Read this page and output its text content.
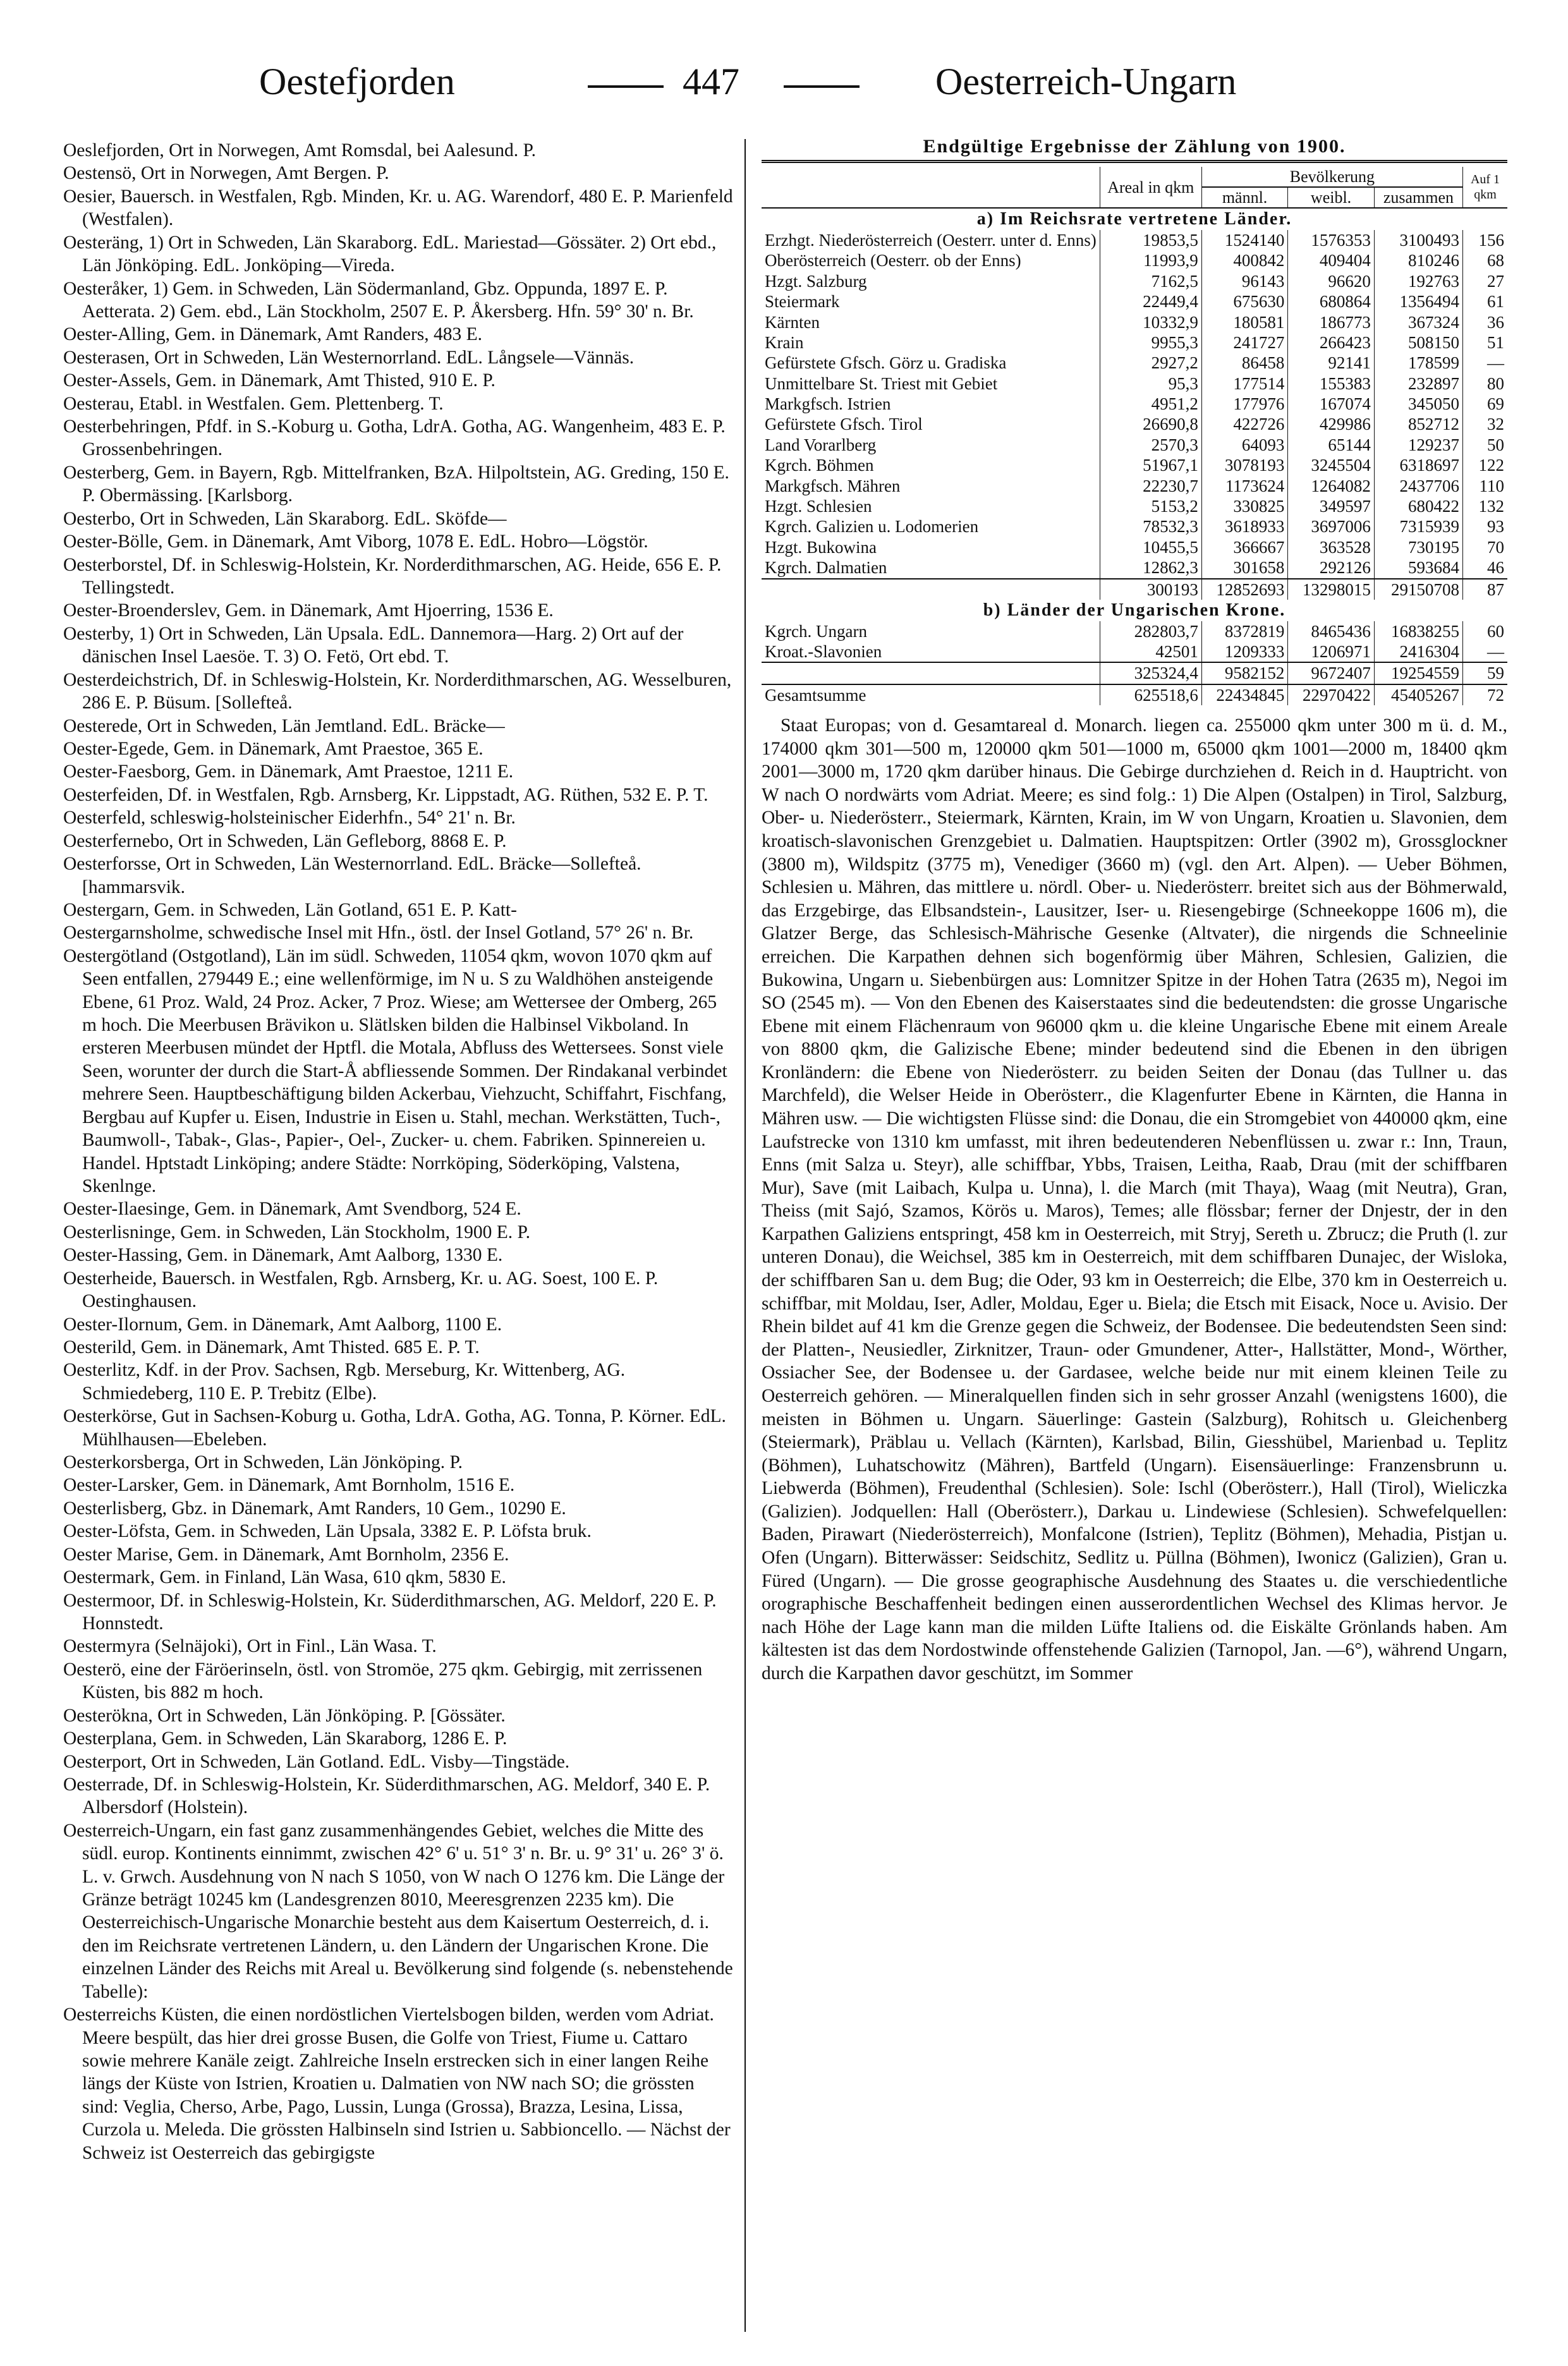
Oestefjorden	447	Oesterreich-Ungarn

Oeslefjorden, Ort in Norwegen, Amt Romsdal, bei Aalesund. P.

Oestensö, Ort in Norwegen, Amt Bergen. P.

Oesier, Bauersch. in Westfalen, Rgb. Minden, Kr. u. AG. Warendorf, 480 E. P. Marienfeld (Westfalen).

Oesteräng, 1) Ort in Schweden, Län Skaraborg. EdL. Mariestad—Gössäter. 2) Ort ebd., Län Jönköping. EdL. Jonköping—Vireda.

Oesteråker, 1) Gem. in Schweden, Län Södermanland, Gbz. Oppunda, 1897 E. P. Aetterata. 2) Gem. ebd., Län Stockholm, 2507 E. P. Åkersberg. Hfn. 59° 30' n. Br.

Oester-Alling, Gem. in Dänemark, Amt Randers, 483 E.

Oesterasen, Ort in Schweden, Län Westernorrland. EdL. Långsele—Vännäs.

Oester-Assels, Gem. in Dänemark, Amt Thisted, 910 E. P.

Oesterau, Etabl. in Westfalen. Gem. Plettenberg. T.

Oesterbehringen, Pfdf. in S.-Koburg u. Gotha, LdrA. Gotha, AG. Wangenheim, 483 E. P. Grossenbehringen.

Oesterberg, Gem. in Bayern, Rgb. Mittelfranken, BzA. Hilpoltstein, AG. Greding, 150 E. P. Obermässing. [Karlsborg.

Oesterbo, Ort in Schweden, Län Skaraborg. EdL. Sköfde—

Oester-Bölle, Gem. in Dänemark, Amt Viborg, 1078 E. EdL. Hobro—Lögstör.

Oesterborstel, Df. in Schleswig-Holstein, Kr. Norderdithmarschen, AG. Heide, 656 E. P. Tellingstedt.

Oester-Broenderslev, Gem. in Dänemark, Amt Hjoerring, 1536 E.

Oesterby, 1) Ort in Schweden, Län Upsala. EdL. Dannemora—Harg. 2) Ort auf der dänischen Insel Laesöe. T. 3) O. Fetö, Ort ebd. T.

Oesterdeichstrich, Df. in Schleswig-Holstein, Kr. Norderdithmarschen, AG. Wesselburen, 286 E. P. Büsum. [Sollefteå.

Oesterede, Ort in Schweden, Län Jemtland. EdL. Bräcke—

Oester-Egede, Gem. in Dänemark, Amt Praestoe, 365 E.

Oester-Faesborg, Gem. in Dänemark, Amt Praestoe, 1211 E.

Oesterfeiden, Df. in Westfalen, Rgb. Arnsberg, Kr. Lippstadt, AG. Rüthen, 532 E. P. T.

Oesterfeld, schleswig-holsteinischer Eiderhfn., 54° 21' n. Br.

Oesterfernebo, Ort in Schweden, Län Gefleborg, 8868 E. P.

Oesterforsse, Ort in Schweden, Län Westernorrland. EdL. Bräcke—Sollefteå. [hammarsvik.

Oestergarn, Gem. in Schweden, Län Gotland, 651 E. P. Katt-

Oestergarnsholme, schwedische Insel mit Hfn., östl. der Insel Gotland, 57° 26' n. Br.

Oestergötland (Ostgotland), Län im südl. Schweden, 11054 qkm, wovon 1070 qkm auf Seen entfallen, 279449 E.; eine wellenförmige, im N u. S zu Waldhöhen ansteigende Ebene, 61 Proz. Wald, 24 Proz. Acker, 7 Proz. Wiese; am Wettersee der Omberg, 265 m hoch. Die Meerbusen Brävikon u. Slätlsken bilden die Halbinsel Vikboland. In ersteren Meerbusen mündet der Hptfl. die Motala, Abfluss des Wettersees. Sonst viele Seen, worunter der durch die Start-Å abfliessende Sommen. Der Rindakanal verbindet mehrere Seen. Hauptbeschäftigung bilden Ackerbau, Viehzucht, Schiffahrt, Fischfang, Bergbau auf Kupfer u. Eisen, Industrie in Eisen u. Stahl, mechan. Werkstätten, Tuch-, Baumwoll-, Tabak-, Glas-, Papier-, Oel-, Zucker- u. chem. Fabriken. Spinnereien u. Handel. Hptstadt Linköping; andere Städte: Norrköping, Söderköping, Valstena, Skenlnge.

Oester-Ilaesinge, Gem. in Dänemark, Amt Svendborg, 524 E.

Oesterlisninge, Gem. in Schweden, Län Stockholm, 1900 E. P.

Oester-Hassing, Gem. in Dänemark, Amt Aalborg, 1330 E.

Oesterheide, Bauersch. in Westfalen, Rgb. Arnsberg, Kr. u. AG. Soest, 100 E. P. Oestinghausen.

Oester-Ilornum, Gem. in Dänemark, Amt Aalborg, 1100 E.

Oesterild, Gem. in Dänemark, Amt Thisted. 685 E. P. T.

Oesterlitz, Kdf. in der Prov. Sachsen, Rgb. Merseburg, Kr. Wittenberg, AG. Schmiedeberg, 110 E. P. Trebitz (Elbe).

Oesterkörse, Gut in Sachsen-Koburg u. Gotha, LdrA. Gotha, AG. Tonna, P. Körner. EdL. Mühlhausen—Ebeleben.

Oesterkorsberga, Ort in Schweden, Län Jönköping. P.

Oester-Larsker, Gem. in Dänemark, Amt Bornholm, 1516 E.

Oesterlisberg, Gbz. in Dänemark, Amt Randers, 10 Gem., 10290 E.

Oester-Löfsta, Gem. in Schweden, Län Upsala, 3382 E. P. Löfsta bruk.

Oester Marise, Gem. in Dänemark, Amt Bornholm, 2356 E.

Oestermark, Gem. in Finland, Län Wasa, 610 qkm, 5830 E.

Oestermoor, Df. in Schleswig-Holstein, Kr. Süderdithmarschen, AG. Meldorf, 220 E. P. Honnstedt.

Oestermyra (Selnäjoki), Ort in Finl., Län Wasa. T.

Oesterö, eine der Färöerinseln, östl. von Stromöe, 275 qkm. Gebirgig, mit zerrissenen Küsten, bis 882 m hoch.

Oesterökna, Ort in Schweden, Län Jönköping. P. [Gössäter.

Oesterplana, Gem. in Schweden, Län Skaraborg, 1286 E. P.

Oesterport, Ort in Schweden, Län Gotland. EdL. Visby—Tingstäde.

Oesterrade, Df. in Schleswig-Holstein, Kr. Süderdithmarschen, AG. Meldorf, 340 E. P. Albersdorf (Holstein).

Oesterreich-Ungarn, ein fast ganz zusammenhängendes Gebiet, welches die Mitte des südl. europ. Kontinents einnimmt, zwischen 42° 6' u. 51° 3' n. Br. u. 9° 31' u. 26° 3' ö. L. v. Grwch. Ausdehnung von N nach S 1050, von W nach O 1276 km. Die Länge der Gränze beträgt 10245 km (Landesgrenzen 8010, Meeresgrenzen 2235 km). Die Oesterreichisch-Ungarische Monarchie besteht aus dem Kaisertum Oesterreich, d. i. den im Reichsrate vertretenen Ländern, u. den Ländern der Ungarischen Krone. Die einzelnen Länder des Reichs mit Areal u. Bevölkerung sind folgende (s. nebenstehende Tabelle):

Oesterreichs Küsten, die einen nordöstlichen Viertelsbogen bilden, werden vom Adriat. Meere bespült, das hier drei grosse Busen, die Golfe von Triest, Fiume u. Cattaro sowie mehrere Kanäle zeigt. Zahlreiche Inseln erstrecken sich in einer langen Reihe längs der Küste von Istrien, Kroatien u. Dalmatien von NW nach SO; die grössten sind: Veglia, Cherso, Arbe, Pago, Lussin, Lunga (Grossa), Brazza, Lesina, Lissa, Curzola u. Meleda. Die grössten Halbinseln sind Istrien u. Sabbioncello. — Nächst der Schweiz ist Oesterreich das gebirgigste

Endgültige Ergebnisse der Zählung von 1900.
	Areal in qkm	Bevölkerung			Auf 1 qkm
		männl.	weibl.	zusammen	
a) Im Reichsrate vertretene Länder.					
Erzhgt. Niederösterreich (Oesterr. unter d. Enns)	19853,5	1524140	1576353	3100493	156
Oberösterreich (Oesterr. ob der Enns)	11993,9	400842	409404	810246	68
Hzgt. Salzburg	7162,5	96143	96620	192763	27
Steiermark	22449,4	675630	680864	1356494	61
Kärnten	10332,9	180581	186773	367324	36
Krain	9955,3	241727	266423	508150	51
Gefürstete Gfsch. Görz u. Gradiska	2927,2	86458	92141	178599	—
Unmittelbare St. Triest mit Gebiet	95,3	177514	155383	232897	80
Markgfsch. Istrien	4951,2	177976	167074	345050	69
Gefürstete Gfsch. Tirol	26690,8	422726	429986	852712	32
Land Vorarlberg	2570,3	64093	65144	129237	50
Kgrch. Böhmen	51967,1	3078193	3245504	6318697	122
Markgfsch. Mähren	22230,7	1173624	1264082	2437706	110
Hzgt. Schlesien	5153,2	330825	349597	680422	132
Kgrch. Galizien u. Lodomerien	78532,3	3618933	3697006	7315939	93
Hzgt. Bukowina	10455,5	366667	363528	730195	70
Kgrch. Dalmatien	12862,3	301658	292126	593684	46
	300193	12852693	13298015	29150708	87
b) Länder der Ungarischen Krone.					
Kgrch. Ungarn	282803,7	8372819	8465436	16838255	60
Kroat.-Slavonien	42501	1209333	1206971	2416304	—
	325324,4	9582152	9672407	19254559	59
Gesamtsumme	625518,6	22434845	22970422	45405267	72

Staat Europas; von d. Gesamtareal d. Monarch. liegen ca. 255000 qkm unter 300 m ü. d. M., 174000 qkm 301—500 m, 120000 qkm 501—1000 m, 65000 qkm 1001—2000 m, 18400 qkm 2001—3000 m, 1720 qkm darüber hinaus. Die Gebirge durchziehen d. Reich in d. Hauptricht. von W nach O nordwärts vom Adriat. Meere; es sind folg.: 1) Die Alpen (Ostalpen) in Tirol, Salzburg, Ober- u. Niederösterr., Steiermark, Kärnten, Krain, im W von Ungarn, Kroatien u. Slavonien, dem kroatisch-slavonischen Grenzgebiet u. Dalmatien. Hauptspitzen: Ortler (3902 m), Grossglockner (3800 m), Wildspitz (3775 m), Venediger (3660 m) (vgl. den Art. Alpen). — Ueber Böhmen, Schlesien u. Mähren, das mittlere u. nördl. Ober- u. Niederösterr. breitet sich aus der Böhmerwald, das Erzgebirge, das Elbsandstein-, Lausitzer, Iser- u. Riesengebirge (Schneekoppe 1606 m), die Glatzer Berge, das Schlesisch-Mährische Gesenke (Altvater), die nirgends die Schneelinie erreichen. Die Karpathen dehnen sich bogenförmig über Mähren, Schlesien, Galizien, die Bukowina, Ungarn u. Siebenbürgen aus: Lomnitzer Spitze in der Hohen Tatra (2635 m), Negoi im SO (2545 m). — Von den Ebenen des Kaiserstaates sind die bedeutendsten: die grosse Ungarische Ebene mit einem Flächenraum von 96000 qkm u. die kleine Ungarische Ebene mit einem Areale von 8800 qkm, die Galizische Ebene; minder bedeutend sind die Ebenen in den übrigen Kronländern: die Ebene von Niederösterr. zu beiden Seiten der Donau (das Tullner u. das Marchfeld), die Welser Heide in Oberösterr., die Klagenfurter Ebene in Kärnten, die Hanna in Mähren usw. — Die wichtigsten Flüsse sind: die Donau, die ein Stromgebiet von 440000 qkm, eine Laufstrecke von 1310 km umfasst, mit ihren bedeutenderen Nebenflüssen u. zwar r.: Inn, Traun, Enns (mit Salza u. Steyr), alle schiffbar, Ybbs, Traisen, Leitha, Raab, Drau (mit der schiffbaren Mur), Save (mit Laibach, Kulpa u. Unna), l. die March (mit Thaya), Waag (mit Neutra), Gran, Theiss (mit Sajó, Szamos, Körös u. Maros), Temes; alle flössbar; ferner der Dnjestr, der in den Karpathen Galiziens entspringt, 458 km in Oesterreich, mit Stryj, Sereth u. Zbrucz; die Pruth (l. zur unteren Donau), die Weichsel, 385 km in Oesterreich, mit dem schiffbaren Dunajec, der Wisloka, der schiffbaren San u. dem Bug; die Oder, 93 km in Oesterreich; die Elbe, 370 km in Oesterreich u. schiffbar, mit Moldau, Iser, Adler, Moldau, Eger u. Biela; die Etsch mit Eisack, Noce u. Avisio. Der Rhein bildet auf 41 km die Grenze gegen die Schweiz, der Bodensee. Die bedeutendsten Seen sind: der Platten-, Neusiedler, Zirknitzer, Traun- oder Gmundener, Atter-, Hallstätter, Mond-, Wörther, Ossiacher See, der Bodensee u. der Gardasee, welche beide nur mit einem kleinen Teile zu Oesterreich gehören. — Mineralquellen finden sich in sehr grosser Anzahl (wenigstens 1600), die meisten in Böhmen u. Ungarn. Säuerlinge: Gastein (Salzburg), Rohitsch u. Gleichenberg (Steiermark), Präblau u. Vellach (Kärnten), Karlsbad, Bilin, Giesshübel, Marienbad u. Teplitz (Böhmen), Luhatschowitz (Mähren), Bartfeld (Ungarn). Eisensäuerlinge: Franzensbrunn u. Liebwerda (Böhmen), Freudenthal (Schlesien). Sole: Ischl (Oberösterr.), Hall (Tirol), Wieliczka (Galizien). Jodquellen: Hall (Oberösterr.), Darkau u. Lindewiese (Schlesien). Schwefelquellen: Baden, Pirawart (Niederösterreich), Monfalcone (Istrien), Teplitz (Böhmen), Mehadia, Pistjan u. Ofen (Ungarn). Bitterwässer: Seidschitz, Sedlitz u. Püllna (Böhmen), Iwonicz (Galizien), Gran u. Füred (Ungarn). — Die grosse geographische Ausdehnung des Staates u. die verschiedentliche orographische Beschaffenheit bedingen einen ausserordentlichen Wechsel des Klimas hervor. Je nach Höhe der Lage kann man die milden Lüfte Italiens od. die Eiskälte Grönlands haben. Am kältesten ist das dem Nordostwinde offenstehende Galizien (Tarnopol, Jan. —6°), während Ungarn, durch die Karpathen davor geschützt, im Sommer
